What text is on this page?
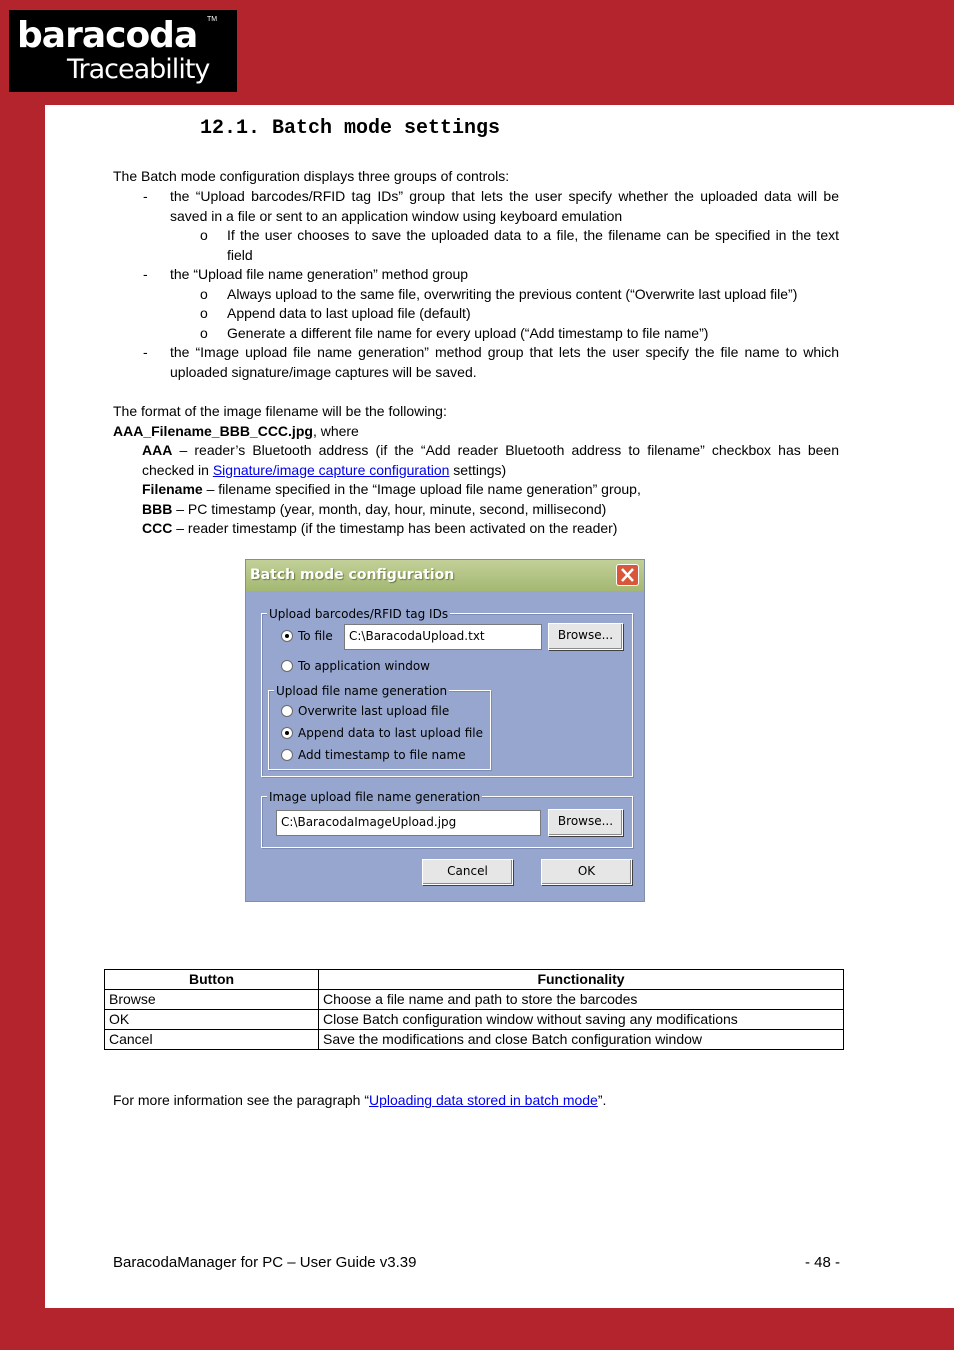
baracoda TM
Traceability
12.1. Batch mode settings
The Batch mode configuration displays three groups of controls:
- the “Upload barcodes/RFID tag IDs” group that lets the user specify whether the uploaded data will be saved in a file or sent to an application window using keyboard emulation
o If the user chooses to save the uploaded data to a file, the filename can be specified in the text field
- the “Upload file name generation” method group
o Always upload to the same file, overwriting the previous content (“Overwrite last upload file”)
o Append data to last upload file (default)
o Generate a different file name for every upload (“Add timestamp to file name”)
- the “Image upload file name generation” method group that lets the user specify the file name to which uploaded signature/image captures will be saved.
The format of the image filename will be the following:
AAA_Filename_BBB_CCC.jpg, where
AAA – reader’s Bluetooth address (if the “Add reader Bluetooth address to filename” checkbox has been checked in Signature/image capture configuration settings)
Filename – filename specified in the “Image upload file name generation” group,
BBB – PC timestamp (year, month, day, hour, minute, second, millisecond)
CCC – reader timestamp (if the timestamp has been activated on the reader)
Batch mode configuration
Upload barcodes/RFID tag IDs
To file	C:\BaracodaUpload.txt	Browse...
To application window
Upload file name generation
Overwrite last upload file
Append data to last upload file
Add timestamp to file name
Image upload file name generation
C:\BaracodaImageUpload.jpg	Browse...
Cancel	OK
Button	Functionality
Browse	Choose a file name and path to store the barcodes
OK	Close Batch configuration window without saving any modifications
Cancel	Save the modifications and close Batch configuration window
For more information see the paragraph “Uploading data stored in batch mode”.
BaracodaManager for PC – User Guide v3.39	- 48 -
